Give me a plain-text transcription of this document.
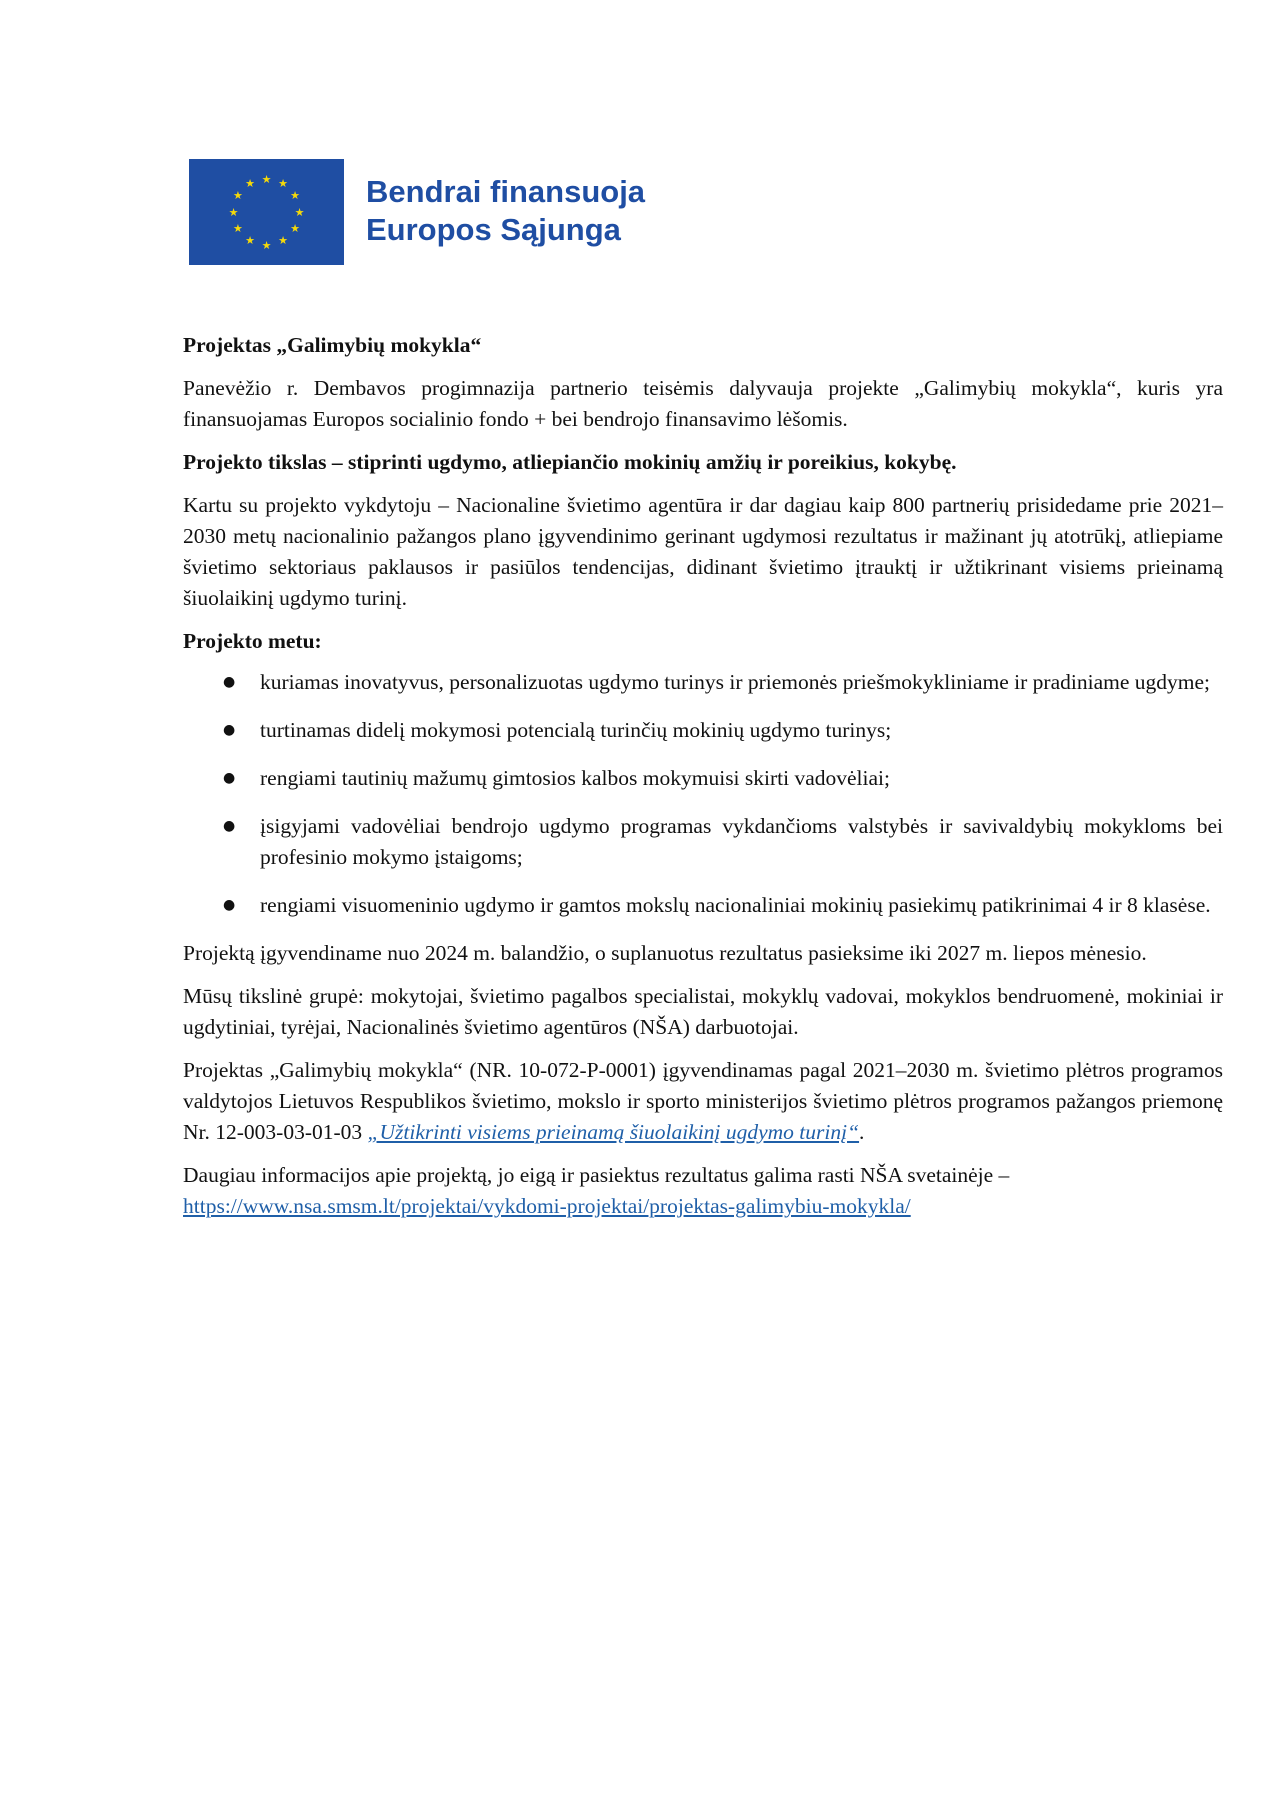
★ ★
★
★
★
★
★
★
★
★
★
★	Bendrai finansuoja
Europos Sąjunga

Projektas „Galimybių mokykla“

Panevėžio r. Dembavos progimnazija partnerio teisėmis dalyvauja projekte „Galimybių mokykla“, kuris yra finansuojamas Europos socialinio fondo + bei bendrojo finansavimo lėšomis.

Projekto tikslas – stiprinti ugdymo, atliepiančio mokinių amžių ir poreikius, kokybę.

Kartu su projekto vykdytoju – Nacionaline švietimo agentūra ir dar dagiau kaip 800 partnerių prisidedame prie 2021–2030 metų nacionalinio pažangos plano įgyvendinimo gerinant ugdymosi rezultatus ir mažinant jų atotrūkį, atliepiame švietimo sektoriaus paklausos ir pasiūlos tendencijas, didinant švietimo įtrauktį ir užtikrinant visiems prieinamą šiuolaikinį ugdymo turinį.

Projekto metu:

● kuriamas inovatyvus, personalizuotas ugdymo turinys ir priemonės priešmokykliniame ir pradiniame ugdyme;
● turtinamas didelį mokymosi potencialą turinčių mokinių ugdymo turinys;
● rengiami tautinių mažumų gimtosios kalbos mokymuisi skirti vadovėliai;
● įsigyjami vadovėliai bendrojo ugdymo programas vykdančioms valstybės ir savivaldybių mokykloms bei profesinio mokymo įstaigoms;
● rengiami visuomeninio ugdymo ir gamtos mokslų nacionaliniai mokinių pasiekimų patikrinimai 4 ir 8 klasėse.

Projektą įgyvendiname nuo 2024 m. balandžio, o suplanuotus rezultatus pasieksime iki 2027 m. liepos mėnesio.

Mūsų tikslinė grupė: mokytojai, švietimo pagalbos specialistai, mokyklų vadovai, mokyklos bendruomenė, mokiniai ir ugdytiniai, tyrėjai, Nacionalinės švietimo agentūros (NŠA) darbuotojai.

Projektas „Galimybių mokykla“ (NR. 10-072-P-0001) įgyvendinamas pagal 2021–2030 m. švietimo plėtros programos valdytojos Lietuvos Respublikos švietimo, mokslo ir sporto ministerijos švietimo plėtros programos pažangos priemonę Nr. 12-003-03-01-03 „Užtikrinti visiems prieinamą šiuolaikinį ugdymo turinį“.

Daugiau informacijos apie projektą, jo eigą ir pasiektus rezultatus galima rasti NŠA svetainėje –
https://www.nsa.smsm.lt/projektai/vykdomi-projektai/projektas-galimybiu-mokykla/
